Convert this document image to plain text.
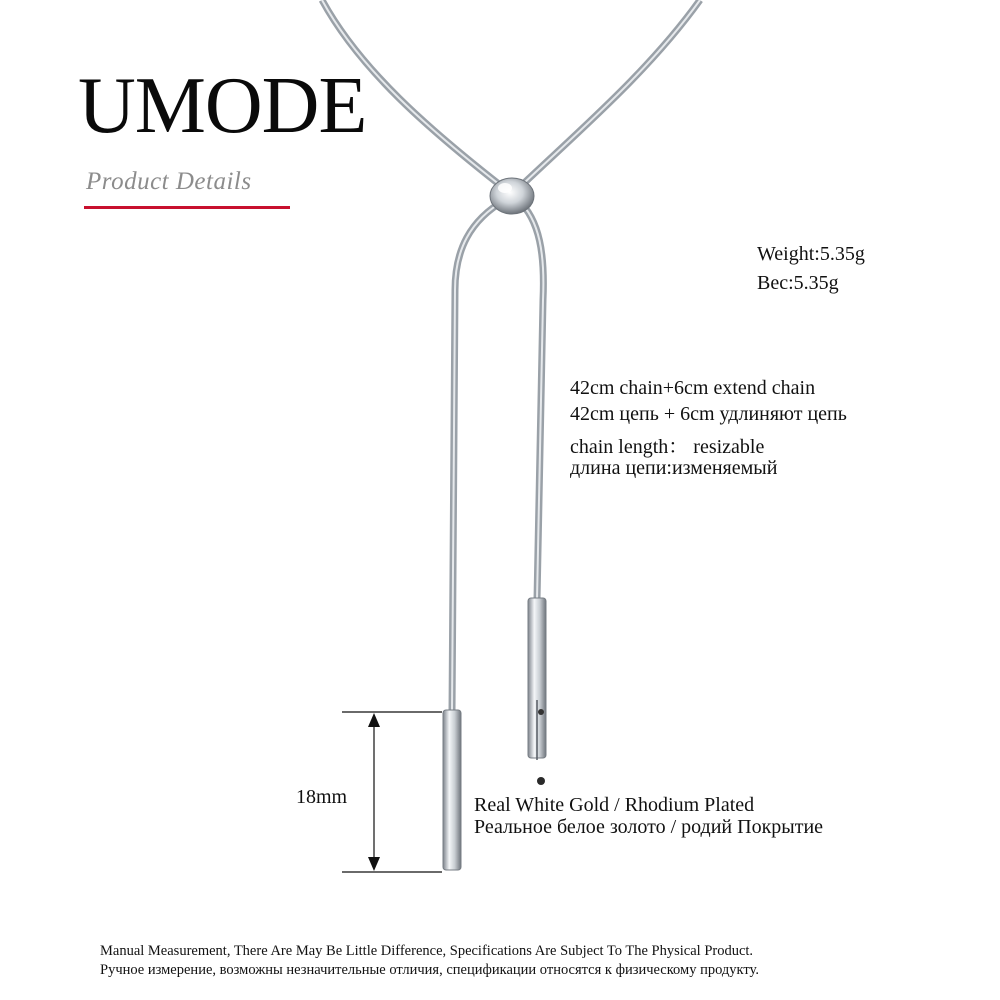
UMODE
Product Details
18mm
Weight:5.35g
Bec:5.35g
42cm chain+6cm extend chain
42cm цепь + 6cm удлиняют цепь
chain length： resizable
длина цепи:изменяемый
Real White Gold / Rhodium Plated
Реальное белое золото / родий Покрытие
Manual Measurement, There Are May Be Little Difference, Specifications Are Subject To The Physical Product.
Ручное измерение, возможны незначительные отличия, спецификации относятся к физическому продукту.
